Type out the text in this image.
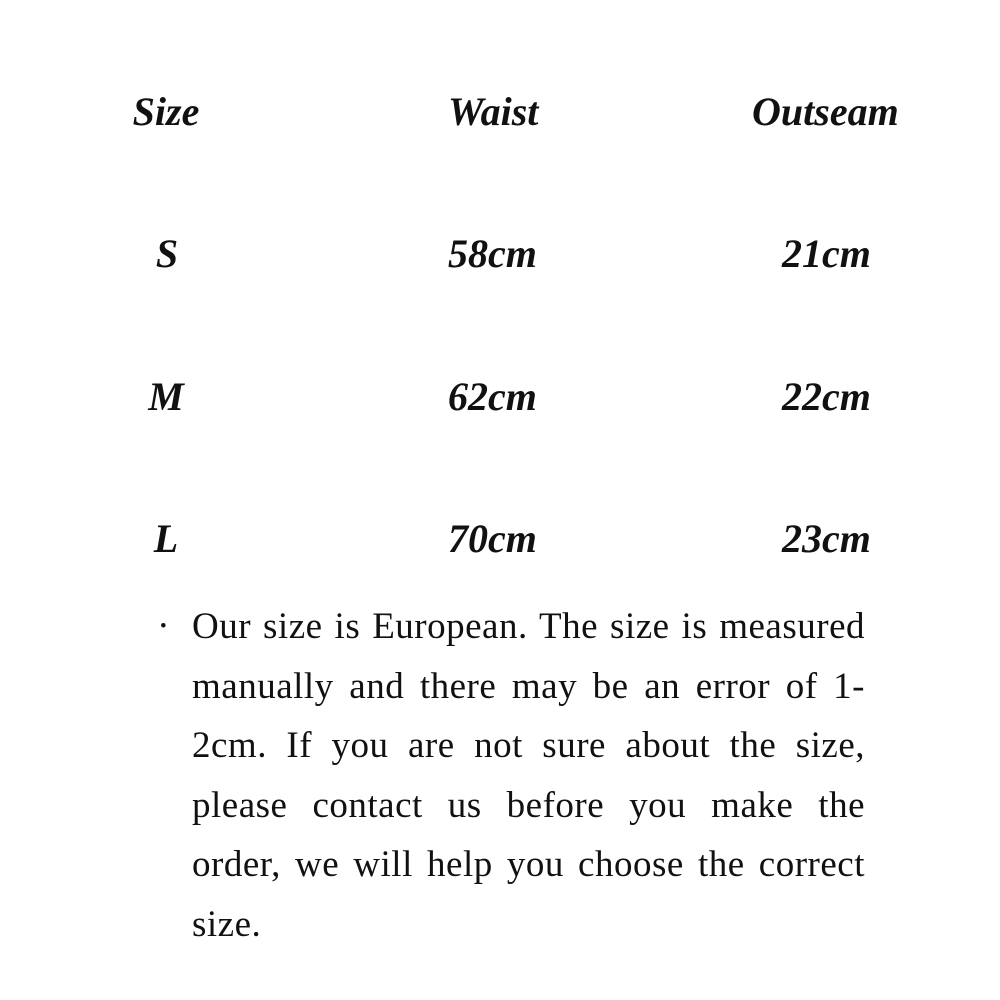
Size	Waist	Outseam
S	58cm	21cm
M	62cm	22cm
L	70cm	23cm
· Our size is European. The size is measured manually and there may be an error of 1-2cm. If you are not sure about the size, please contact us before you make the order, we will help you choose the correct size.
